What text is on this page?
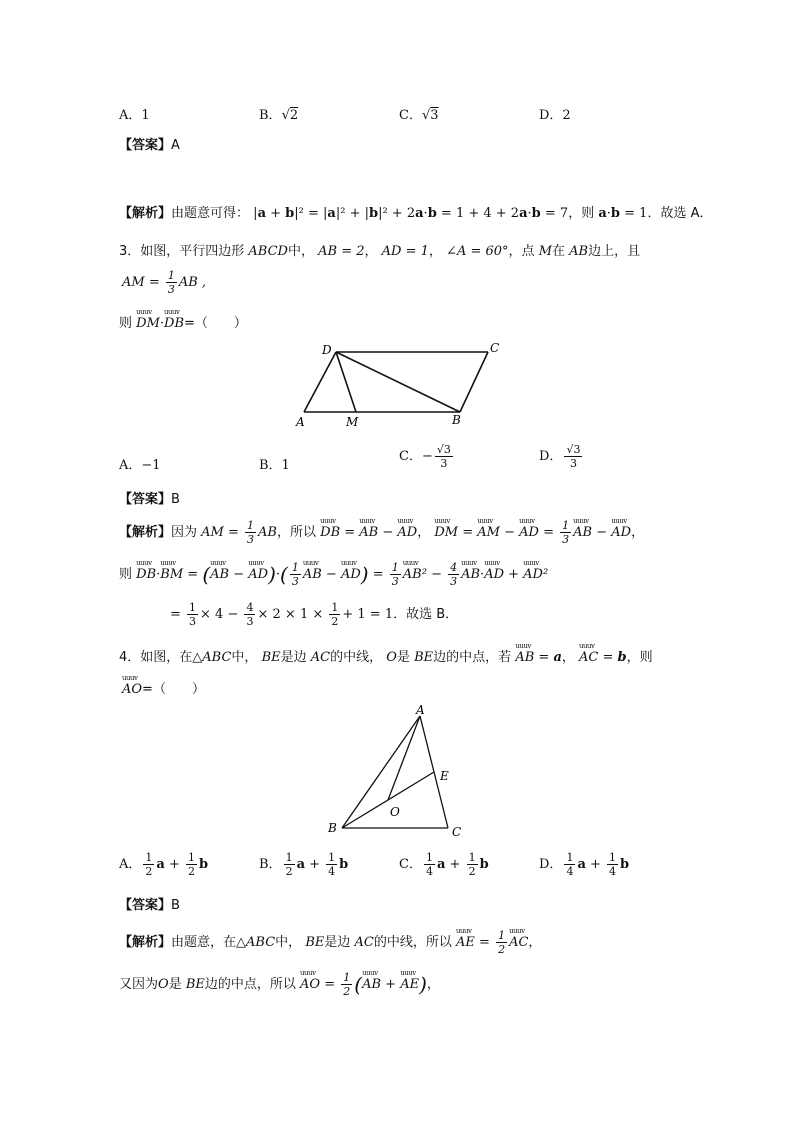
A．1	B．√2	C．√3	D．2
【答案】A
【解析】由题意可得： |a + b|² = |a|² + |b|² + 2a·b = 1 + 4 + 2a·b = 7，则 a·b = 1．故选 A．
3．如图，平行四边形 ABCD中， AB = 2， AD = 1， ∠A = 60°，点 M在 AB边上，且
AM = $\frac{1}{3}$ AB ,
则 uuuv DM·uuuv DB=（　　）
D	C
A	M	B
A．−1	B．1
C．− $\frac{√3}{3}$	D． $\frac{√3}{3}$
【答案】B
【解析】因为 AM = $\frac{1}{3}$ AB，所以 uuuv DB = uuuv AB − uuuv AD， uuuv DM = uuuv AM − uuuv AD = $\frac{1}{3}$ uuuv AB − uuuv AD，
则 uuuv DB·uuuv BM = (uuuv AB − uuuv $AD)\cdot( \frac{1}{3}$ uuuv AB − uuuv $AD) = \frac{1}{3}$ uuuv $AB^2 - \frac{4}{3}$ uuuv AB·uuuv AD + uuuv AD²
= $\frac{1}{3} \times 4 - \frac{4}{3} \times 2 \times 1 \times \frac{1}{2} + 1 = 1$．故选 B．
4．如图，在△ABC中， BE是边 AC的中线， O是 BE边的中点，若 uuuv AB = a， uuuv AC = b，则
uuuv AO=（　　）
A
E
O
B	C
A． $\frac{1}{2}$ $a + \frac{1}{2}$ b	B． $\frac{1}{2}$ $a + \frac{1}{4}$ b	C． $\frac{1}{4}$ $a + \frac{1}{2}$ b	D． $\frac{1}{4}$ $a + \frac{1}{4}$ b
【答案】B
【解析】由题意，在△ABC中， BE是边 AC的中线，所以 uuuv AE = $\frac{1}{2}$ uuuv AC，
又因为O是 BE边的中点，所以 uuuv AO = $\frac{1}{2}$ (uuuv AB + uuuv AE)，
